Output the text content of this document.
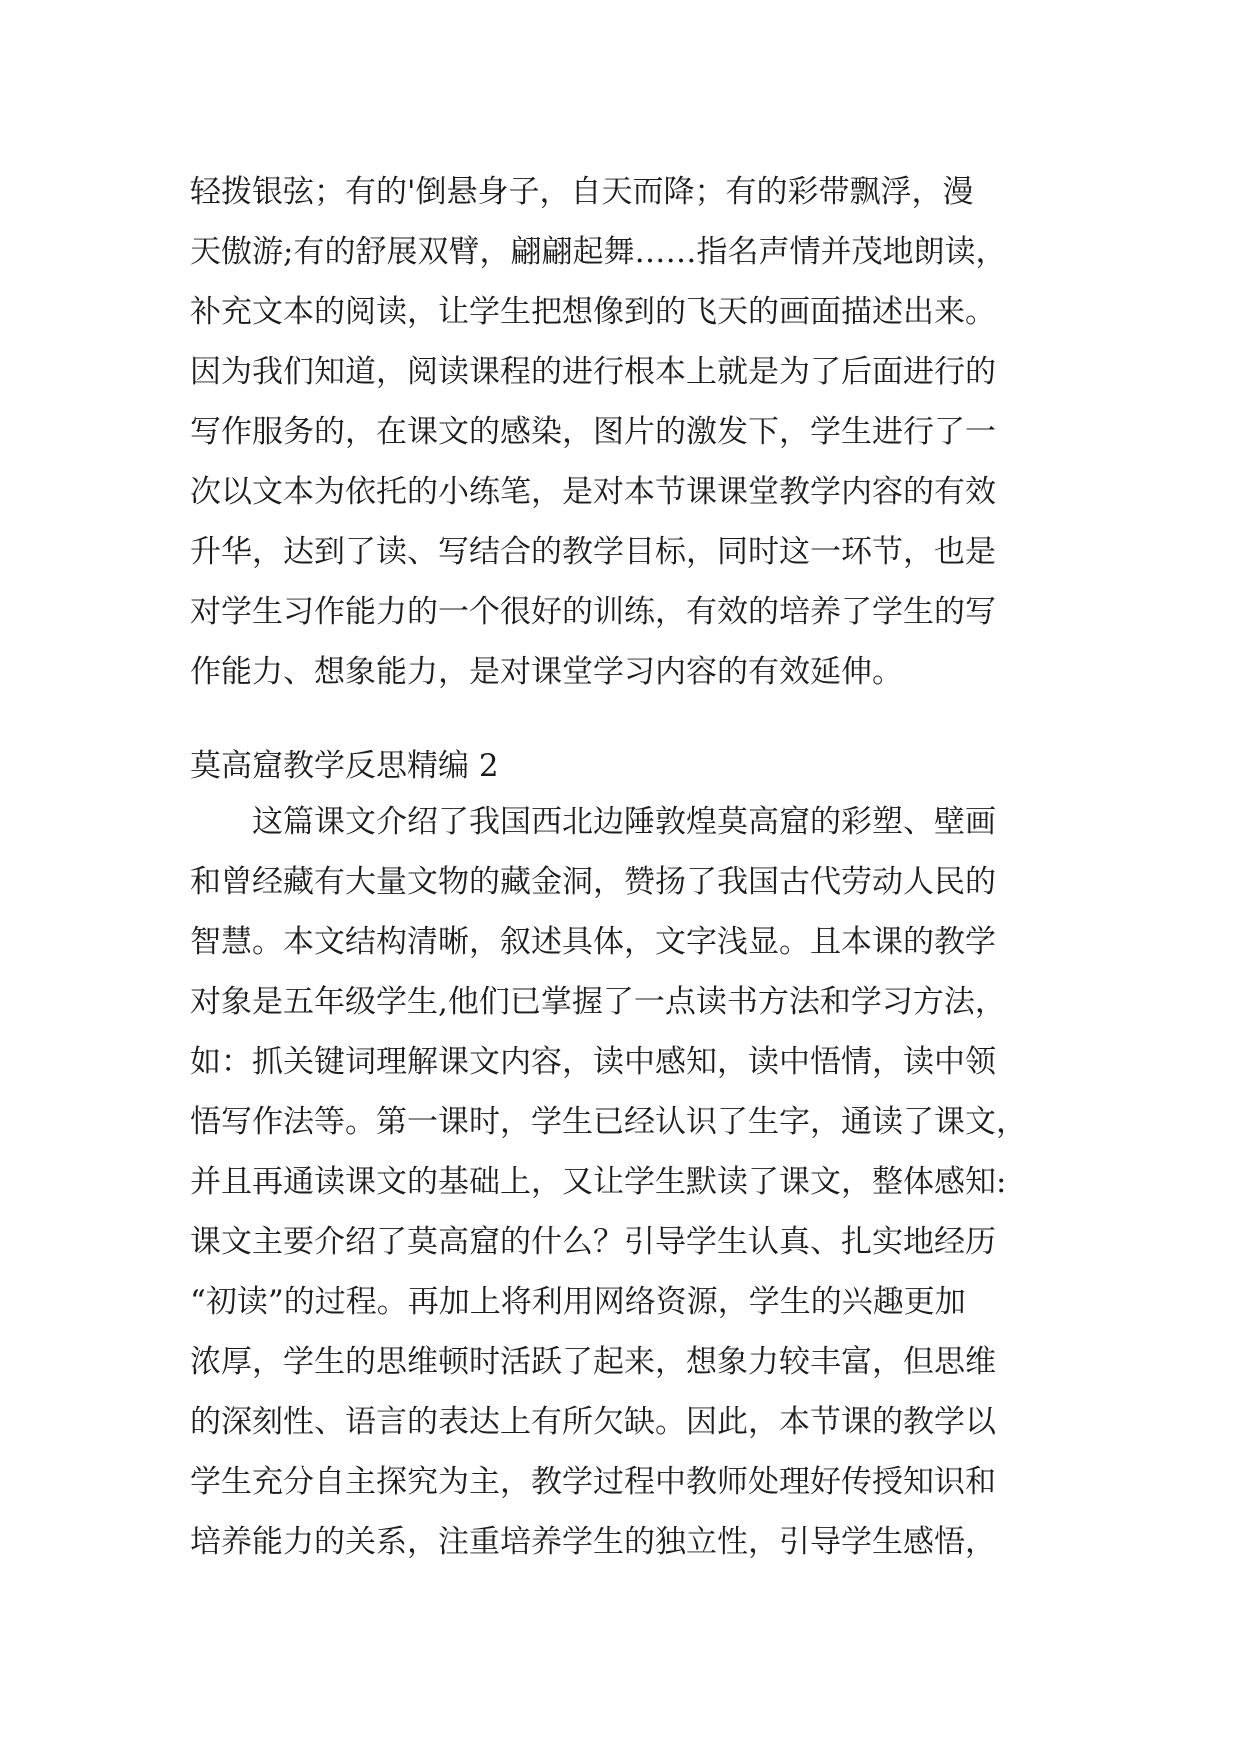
轻拨银弦；有的'倒悬身子，自天而降；有的彩带飘浮，漫
天傲游;有的舒展双臂，翩翩起舞……指名声情并茂地朗读，
补充文本的阅读，让学生把想像到的飞天的画面描述出来。
因为我们知道，阅读课程的进行根本上就是为了后面进行的
写作服务的，在课文的感染，图片的激发下，学生进行了一
次以文本为依托的小练笔，是对本节课课堂教学内容的有效
升华，达到了读、写结合的教学目标，同时这一环节，也是
对学生习作能力的一个很好的训练，有效的培养了学生的写
作能力、想象能力，是对课堂学习内容的有效延伸。
莫高窟教学反思精编 2
　　这篇课文介绍了我国西北边陲敦煌莫高窟的彩塑、壁画
和曾经藏有大量文物的藏金洞，赞扬了我国古代劳动人民的
智慧。本文结构清晰，叙述具体，文字浅显。且本课的教学
对象是五年级学生,他们已掌握了一点读书方法和学习方法，
如：抓关键词理解课文内容，读中感知，读中悟情，读中领
悟写作法等。第一课时，学生已经认识了生字，通读了课文，
并且再通读课文的基础上，又让学生默读了课文，整体感知:
课文主要介绍了莫高窟的什么？引导学生认真、扎实地经历
“初读”的过程。再加上将利用网络资源，学生的兴趣更加
浓厚，学生的思维顿时活跃了起来，想象力较丰富，但思维
的深刻性、语言的表达上有所欠缺。因此，本节课的教学以
学生充分自主探究为主，教学过程中教师处理好传授知识和
培养能力的关系，注重培养学生的独立性，引导学生感悟，
